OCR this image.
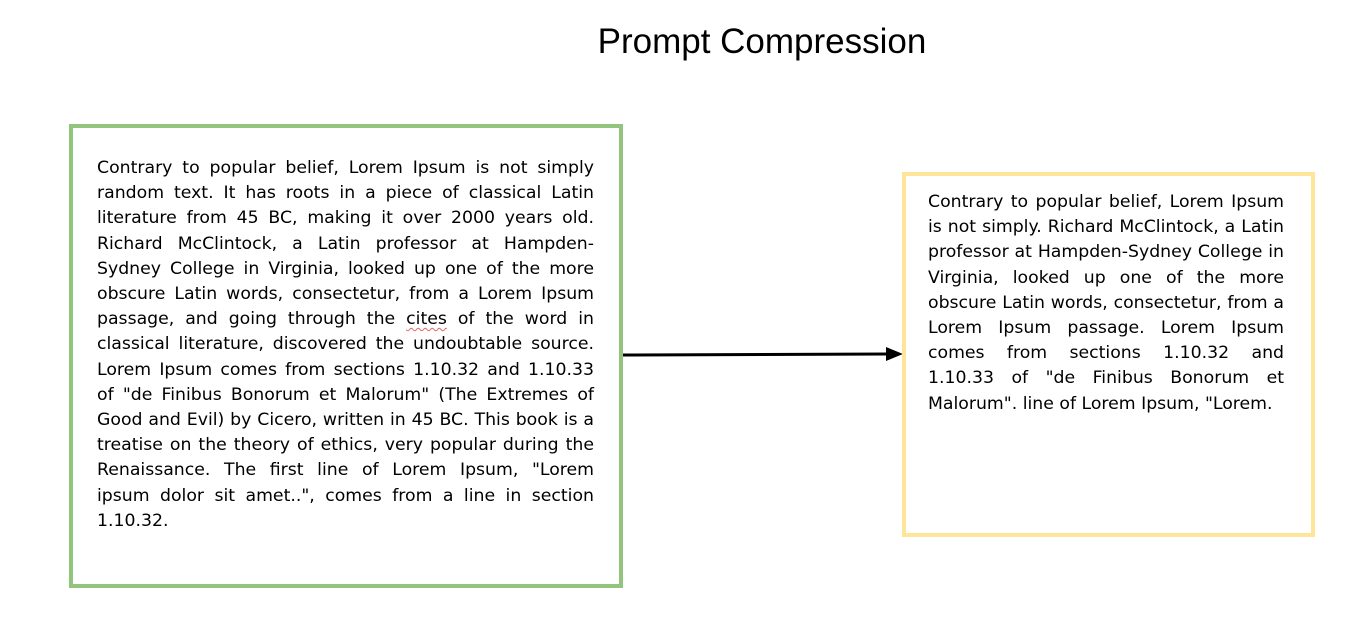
Prompt Compression

Contrary to popular belief, Lorem Ipsum is not simply random text. It has roots in a piece of classical Latin literature from 45 BC, making it over 2000 years old. Richard McClintock, a Latin professor at Hampden-Sydney College in Virginia, looked up one of the more obscure Latin words, consectetur, from a Lorem Ipsum passage, and going through the cites of the word in classical literature, discovered the undoubtable source. Lorem Ipsum comes from sections 1.10.32 and 1.10.33 of "de Finibus Bonorum et Malorum" (The Extremes of Good and Evil) by Cicero, written in 45 BC. This book is a treatise on the theory of ethics, very popular during the Renaissance. The first line of Lorem Ipsum, "Lorem ipsum dolor sit amet..", comes from a line in section 1.10.32.

Contrary to popular belief, Lorem Ipsum is not simply. Richard McClintock, a Latin professor at Hampden-Sydney College in Virginia, looked up one of the more obscure Latin words, consectetur, from a Lorem Ipsum passage. Lorem Ipsum comes from sections 1.10.32 and 1.10.33 of "de Finibus Bonorum et Malorum". line of Lorem Ipsum, "Lorem.
